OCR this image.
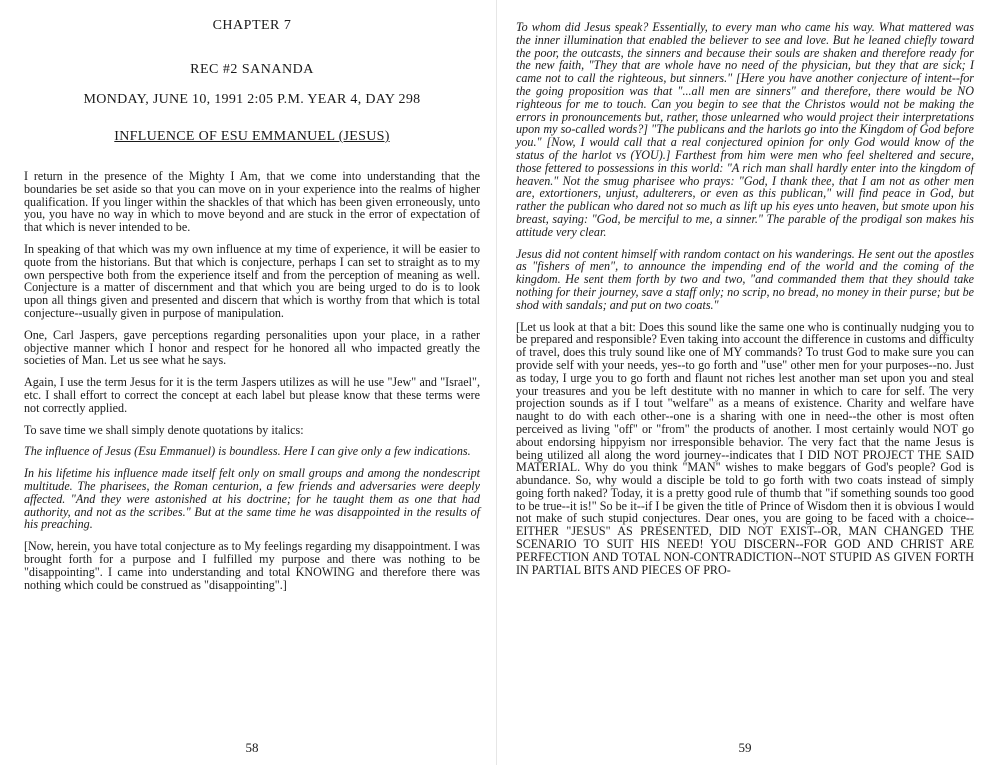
CHAPTER 7
REC #2 SANANDA
MONDAY, JUNE 10, 1991 2:05 P.M. YEAR 4, DAY 298
INFLUENCE OF ESU EMMANUEL (JESUS)

I return in the presence of the Mighty I Am, that we come into understanding that the boundaries be set aside so that you can move on in your experience into the realms of higher qualification. If you linger within the shackles of that which has been given erroneously, unto you, you have no way in which to move beyond and are stuck in the error of expectation of that which is never intended to be.

In speaking of that which was my own influence at my time of experience, it will be easier to quote from the historians. But that which is conjecture, perhaps I can set to straight as to my own perspective both from the experience itself and from the perception of meaning as well. Conjecture is a matter of discernment and that which you are being urged to do is to look upon all things given and presented and discern that which is worthy from that which is total conjecture--usually given in purpose of manipulation.

One, Carl Jaspers, gave perceptions regarding personalities upon your place, in a rather objective manner which I honor and respect for he honored all who impacted greatly the societies of Man. Let us see what he says.

Again, I use the term Jesus for it is the term Jaspers utilizes as will he use "Jew" and "Israel", etc. I shall effort to correct the concept at each label but please know that these terms were not correctly applied.

To save time we shall simply denote quotations by italics:

The influence of Jesus (Esu Emmanuel) is boundless. Here I can give only a few indications.

In his lifetime his influence made itself felt only on small groups and among the nondescript multitude. The pharisees, the Roman centurion, a few friends and adversaries were deeply affected. "And they were astonished at his doctrine; for he taught them as one that had authority, and not as the scribes." But at the same time he was disappointed in the results of his preaching.

[Now, herein, you have total conjecture as to My feelings regarding my disappointment. I was brought forth for a purpose and I fulfilled my purpose and there was nothing to be "disappointing". I came into understanding and total KNOWING and therefore there was nothing which could be construed as "disappointing".]

58

To whom did Jesus speak? Essentially, to every man who came his way. What mattered was the inner illumination that enabled the believer to see and love. But he leaned chiefly toward the poor, the outcasts, the sinners and because their souls are shaken and therefore ready for the new faith, "They that are whole have no need of the physician, but they that are sick; I came not to call the righteous, but sinners." [Here you have another conjecture of intent--for the going proposition was that "...all men are sinners" and therefore, there would be NO righteous for me to touch. Can you begin to see that the Christos would not be making the errors in pronouncements but, rather, those unlearned who would project their interpretations upon my so-called words?] "The publicans and the harlots go into the Kingdom of God before you." [Now, I would call that a real conjectured opinion for only God would know of the status of the harlot vs (YOU).] Farthest from him were men who feel sheltered and secure, those fettered to possessions in this world: "A rich man shall hardly enter into the kingdom of heaven." Not the smug pharisee who prays: "God, I thank thee, that I am not as other men are, extortioners, unjust, adulterers, or even as this publican," will find peace in God, but rather the publican who dared not so much as lift up his eyes unto heaven, but smote upon his breast, saying: "God, be merciful to me, a sinner." The parable of the prodigal son makes his attitude very clear.

Jesus did not content himself with random contact on his wanderings. He sent out the apostles as "fishers of men", to announce the impending end of the world and the coming of the kingdom. He sent them forth by two and two, "and commanded them that they should take nothing for their journey, save a staff only; no scrip, no bread, no money in their purse; but be shod with sandals; and put on two coats."

[Let us look at that a bit: Does this sound like the same one who is continually nudging you to be prepared and responsible? Even taking into account the difference in customs and difficulty of travel, does this truly sound like one of MY commands? To trust God to make sure you can provide self with your needs, yes--to go forth and "use" other men for your purposes--no. Just as today, I urge you to go forth and flaunt not riches lest another man set upon you and steal your treasures and you be left destitute with no manner in which to care for self. The very projection sounds as if I tout "welfare" as a means of existence. Charity and welfare have naught to do with each other--one is a sharing with one in need--the other is most often perceived as living "off" or "from" the products of another. I most certainly would NOT go about endorsing hippyism nor irresponsible behavior. The very fact that the name Jesus is being utilized all along the word journey--indicates that I DID NOT PROJECT THE SAID MATERIAL. Why do you think "MAN" wishes to make beggars of God's people? God is abundance. So, why would a disciple be told to go forth with two coats instead of simply going forth naked? Today, it is a pretty good rule of thumb that "if something sounds too good to be true--it is!" So be it--if I be given the title of Prince of Wisdom then it is obvious I would not make of such stupid conjectures. Dear ones, you are going to be faced with a choice--EITHER "JESUS" AS PRESENTED, DID NOT EXIST--OR, MAN CHANGED THE SCENARIO TO SUIT HIS NEED! YOU DISCERN--FOR GOD AND CHRIST ARE PERFECTION AND TOTAL NON-CONTRADICTION--NOT STUPID AS GIVEN FORTH IN PARTIAL BITS AND PIECES OF PRO-

59
